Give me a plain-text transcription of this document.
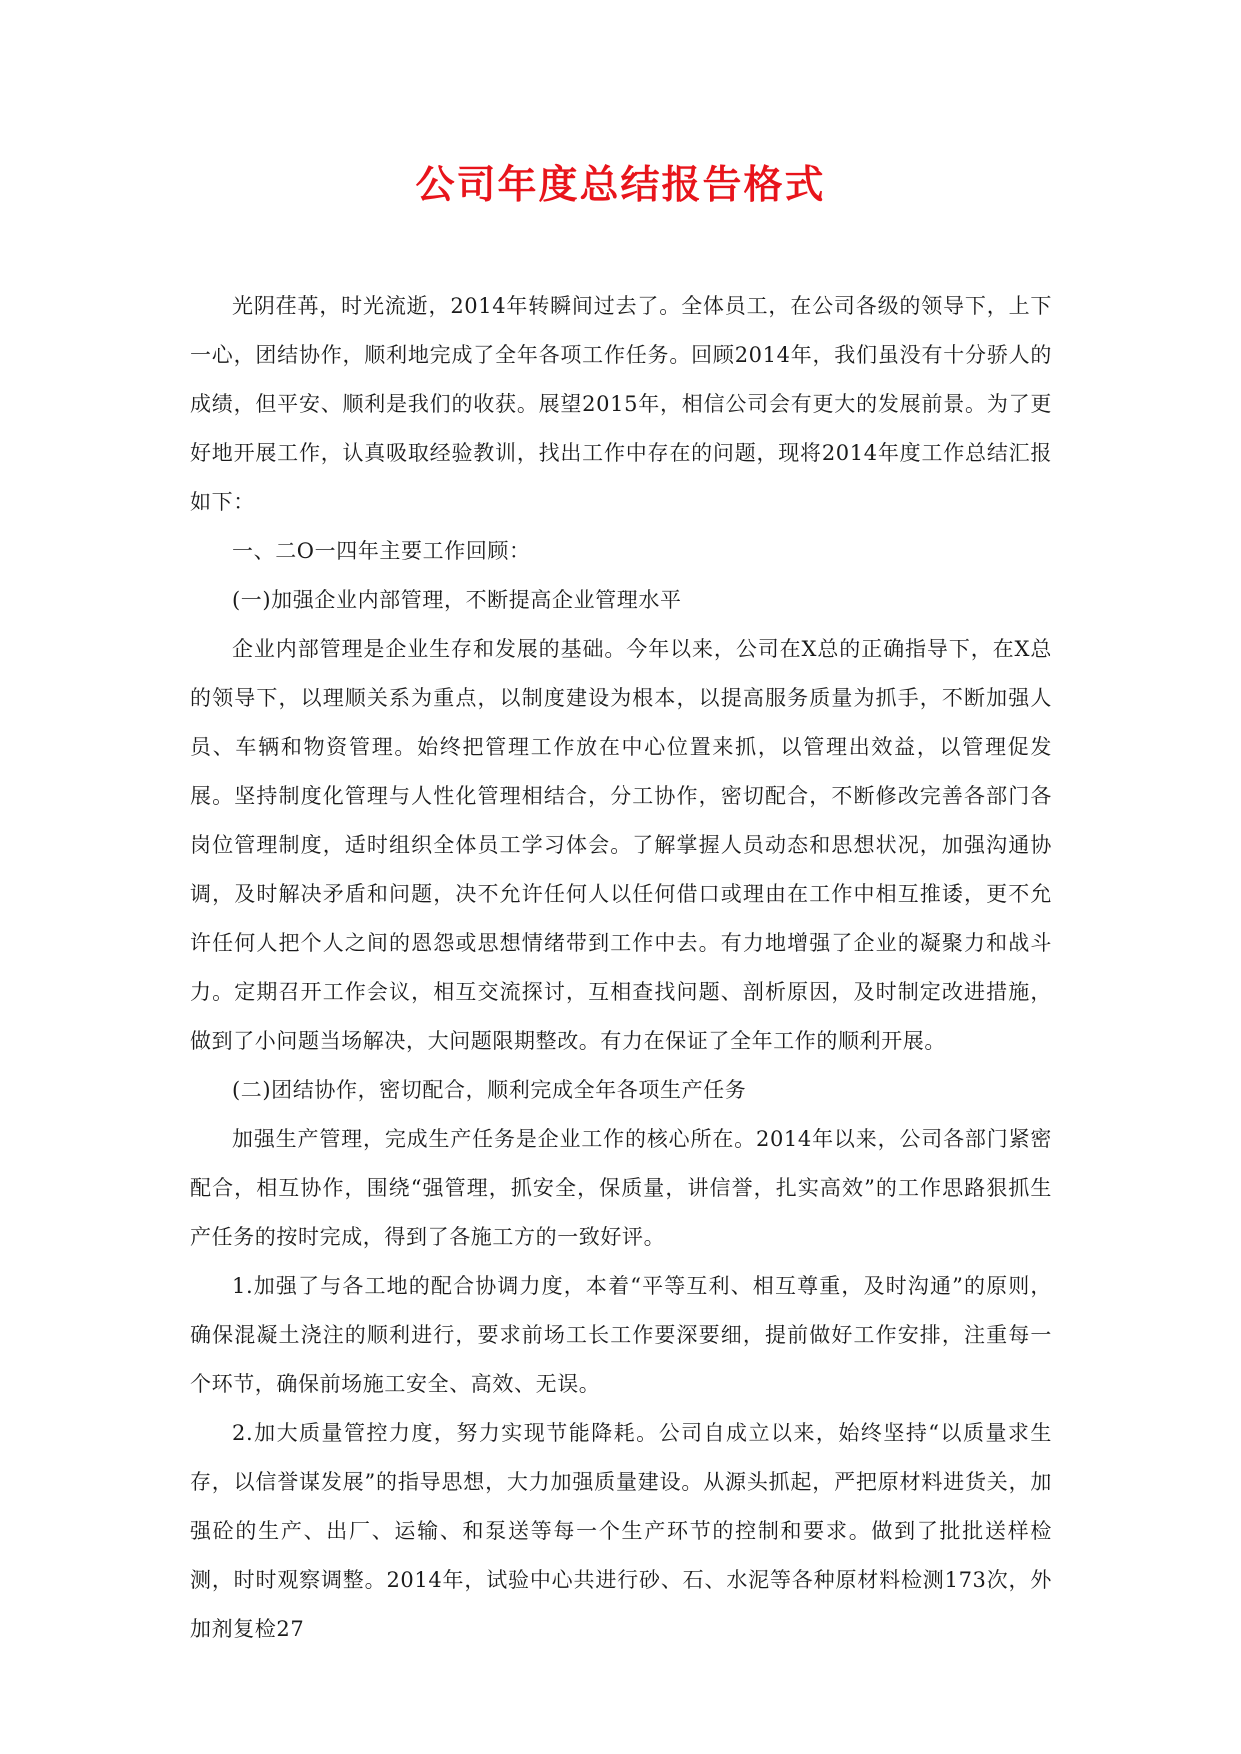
公司年度总结报告格式

光阴荏苒，时光流逝，2014年转瞬间过去了。全体员工，在公司各级的领导下，上下一心，团结协作，顺利地完成了全年各项工作任务。回顾2014年，我们虽没有十分骄人的成绩，但平安、顺利是我们的收获。展望2015年，相信公司会有更大的发展前景。为了更好地开展工作，认真吸取经验教训，找出工作中存在的问题，现将2014年度工作总结汇报如下：

一、二O一四年主要工作回顾：

(一)加强企业内部管理，不断提高企业管理水平

企业内部管理是企业生存和发展的基础。今年以来，公司在X总的正确指导下，在X总的领导下，以理顺关系为重点，以制度建设为根本，以提高服务质量为抓手，不断加强人员、车辆和物资管理。始终把管理工作放在中心位置来抓，以管理出效益，以管理促发展。坚持制度化管理与人性化管理相结合，分工协作，密切配合，不断修改完善各部门各岗位管理制度，适时组织全体员工学习体会。了解掌握人员动态和思想状况，加强沟通协调，及时解决矛盾和问题，决不允许任何人以任何借口或理由在工作中相互推诿，更不允许任何人把个人之间的恩怨或思想情绪带到工作中去。有力地增强了企业的凝聚力和战斗力。定期召开工作会议，相互交流探讨，互相查找问题、剖析原因，及时制定改进措施，做到了小问题当场解决，大问题限期整改。有力在保证了全年工作的顺利开展。

(二)团结协作，密切配合，顺利完成全年各项生产任务

加强生产管理，完成生产任务是企业工作的核心所在。2014年以来，公司各部门紧密配合，相互协作，围绕“强管理，抓安全，保质量，讲信誉，扎实高效”的工作思路狠抓生产任务的按时完成，得到了各施工方的一致好评。

1.加强了与各工地的配合协调力度，本着“平等互利、相互尊重，及时沟通”的原则，确保混凝土浇注的顺利进行，要求前场工长工作要深要细，提前做好工作安排，注重每一个环节，确保前场施工安全、高效、无误。

2.加大质量管控力度，努力实现节能降耗。公司自成立以来，始终坚持“以质量求生存，以信誉谋发展”的指导思想，大力加强质量建设。从源头抓起，严把原材料进货关，加强砼的生产、出厂、运输、和泵送等每一个生产环节的控制和要求。做到了批批送样检测，时时观察调整。2014年，试验中心共进行砂、石、水泥等各种原材料检测173次，外加剂复检27
